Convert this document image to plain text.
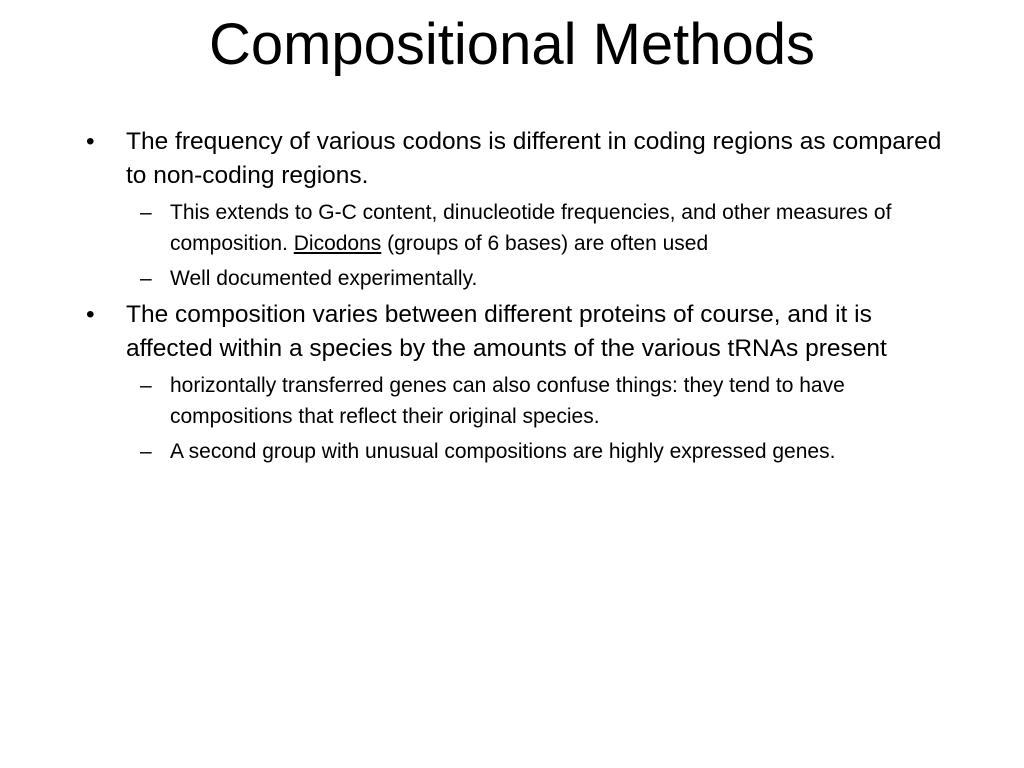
Compositional Methods
•	The frequency of various codons is different in coding regions as compared to non-coding regions.
– This extends to G-C content, dinucleotide frequencies, and other measures of composition. Dicodons (groups of 6 bases) are often used
– Well documented experimentally.
•	The composition varies between different proteins of course, and it is affected within a species by the amounts of the various tRNAs present
– horizontally transferred genes can also confuse things: they tend to have compositions that reflect their original species.
– A second group with unusual compositions are highly expressed genes.
